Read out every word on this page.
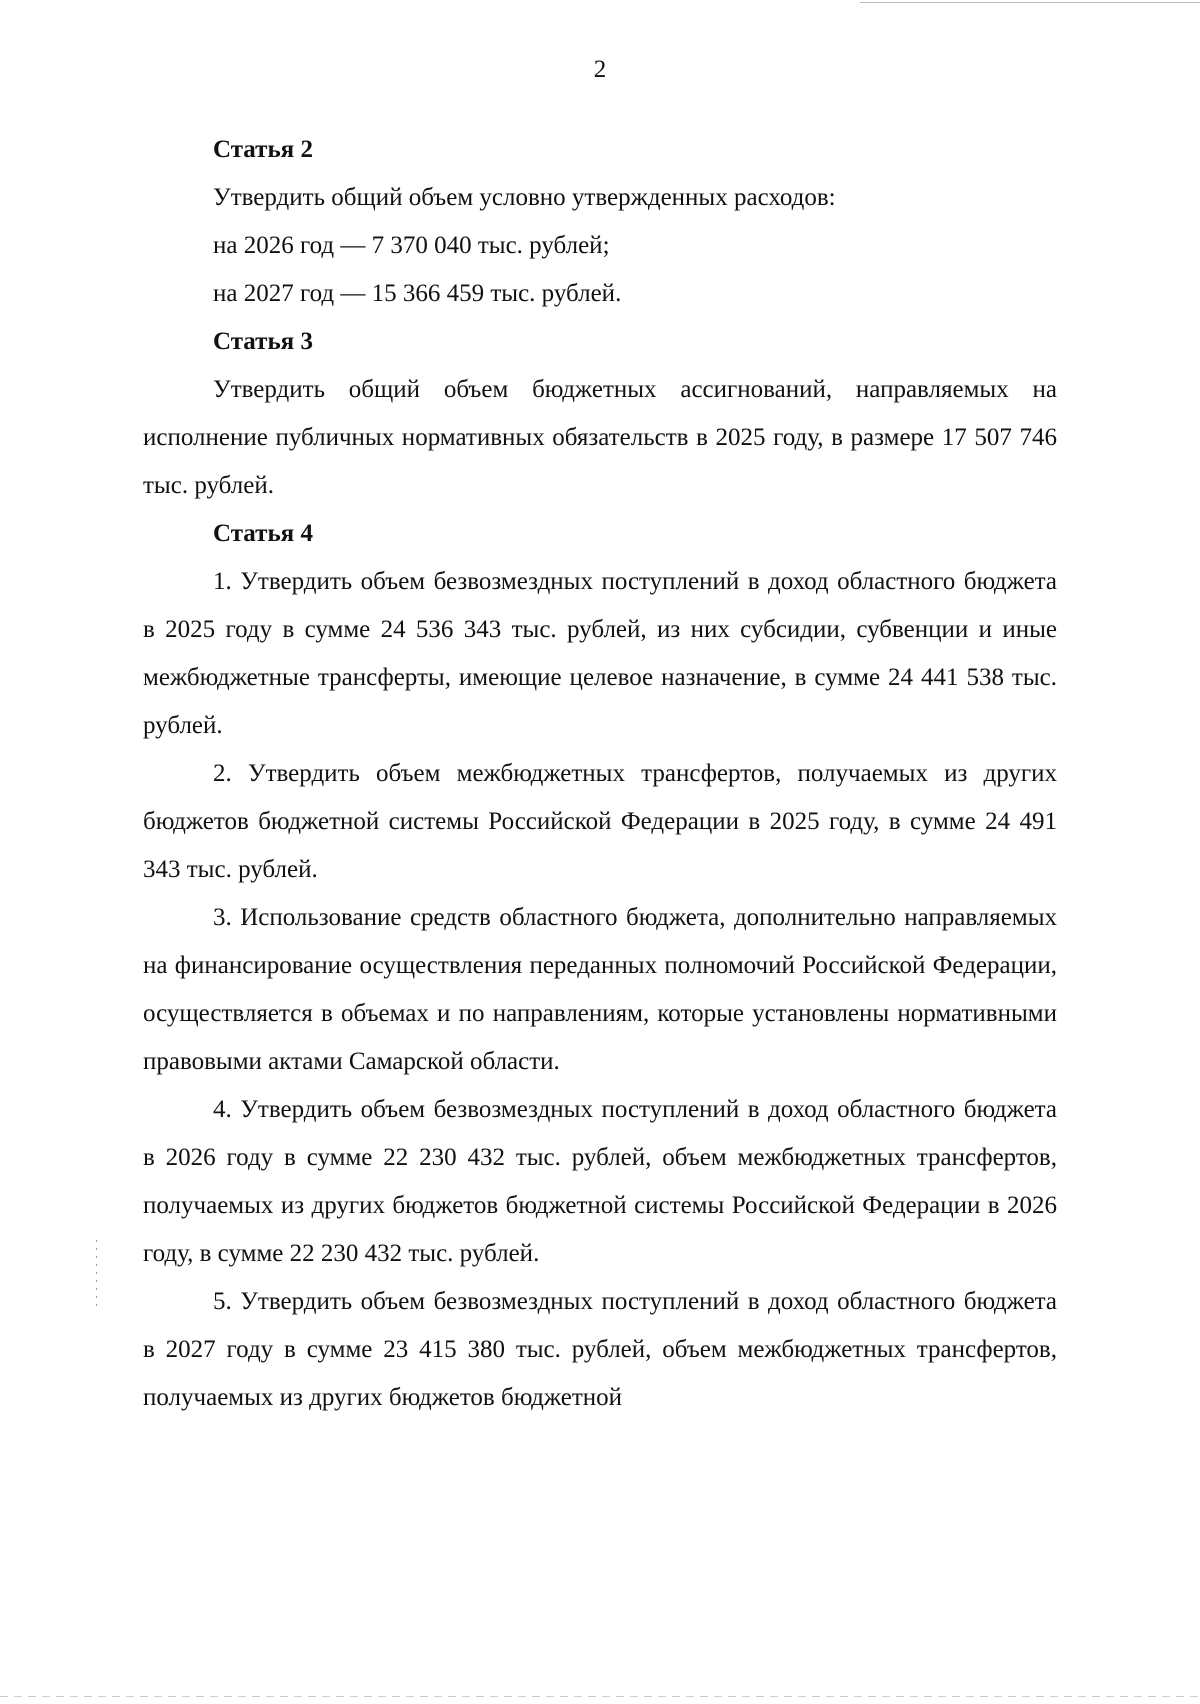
2

Статья 2

Утвердить общий объем условно утвержденных расходов:

на 2026 год — 7 370 040 тыс. рублей;

на 2027 год — 15 366 459 тыс. рублей.

Статья 3

Утвердить общий объем бюджетных ассигнований, направляемых на исполнение публичных нормативных обязательств в 2025 году, в размере 17 507 746 тыс. рублей.

Статья 4

1. Утвердить объем безвозмездных поступлений в доход областного бюджета в 2025 году в сумме 24 536 343 тыс. рублей, из них субсидии, субвенции и иные межбюджетные трансферты, имеющие целевое назначение, в сумме 24 441 538 тыс. рублей.

2. Утвердить объем межбюджетных трансфертов, получаемых из других бюджетов бюджетной системы Российской Федерации в 2025 году, в сумме 24 491 343 тыс. рублей.

3. Использование средств областного бюджета, дополнительно направляемых на финансирование осуществления переданных полномочий Российской Федерации, осуществляется в объемах и по направлениям, которые установлены нормативными правовыми актами Самарской области.

4. Утвердить объем безвозмездных поступлений в доход областного бюджета в 2026 году в сумме 22 230 432 тыс. рублей, объем межбюджетных трансфертов, получаемых из других бюджетов бюджетной системы Российской Федерации в 2026 году, в сумме 22 230 432 тыс. рублей.

5. Утвердить объем безвозмездных поступлений в доход областного бюджета в 2027 году в сумме 23 415 380 тыс. рублей, объем межбюджетных трансфертов, получаемых из других бюджетов бюджетной
